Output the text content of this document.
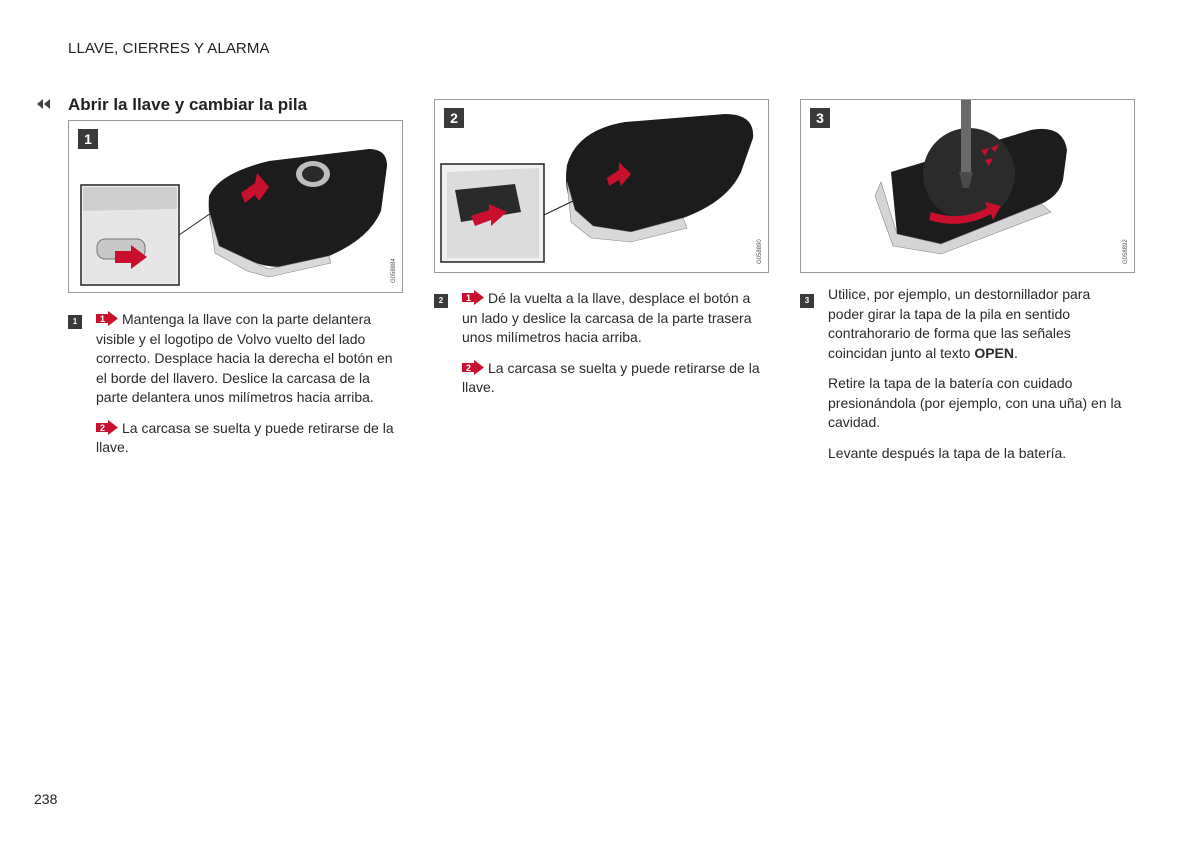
LLAVE, CIERRES Y ALARMA
Abrir la llave y cambiar la pila
1
G058884
2
G058890
3
G058892
1	1 Mantenga la llave con la parte delantera visible y el logotipo de Volvo vuelto del lado correcto. Desplace hacia la derecha el botón en el borde del llavero. Deslice la carcasa de la parte delantera unos milímetros hacia arriba.

2 La carcasa se suelta y puede retirarse de la llave.

2	1 Dé la vuelta a la llave, desplace el botón a un lado y deslice la carcasa de la parte trasera unos milímetros hacia arriba.

2 La carcasa se suelta y puede retirarse de la llave.

3	Utilice, por ejemplo, un destornillador para poder girar la tapa de la pila en sentido contrahorario de forma que las señales coincidan junto al texto OPEN.

Retire la tapa de la batería con cuidado presionándola (por ejemplo, con una uña) en la cavidad.

Levante después la tapa de la batería.

238
